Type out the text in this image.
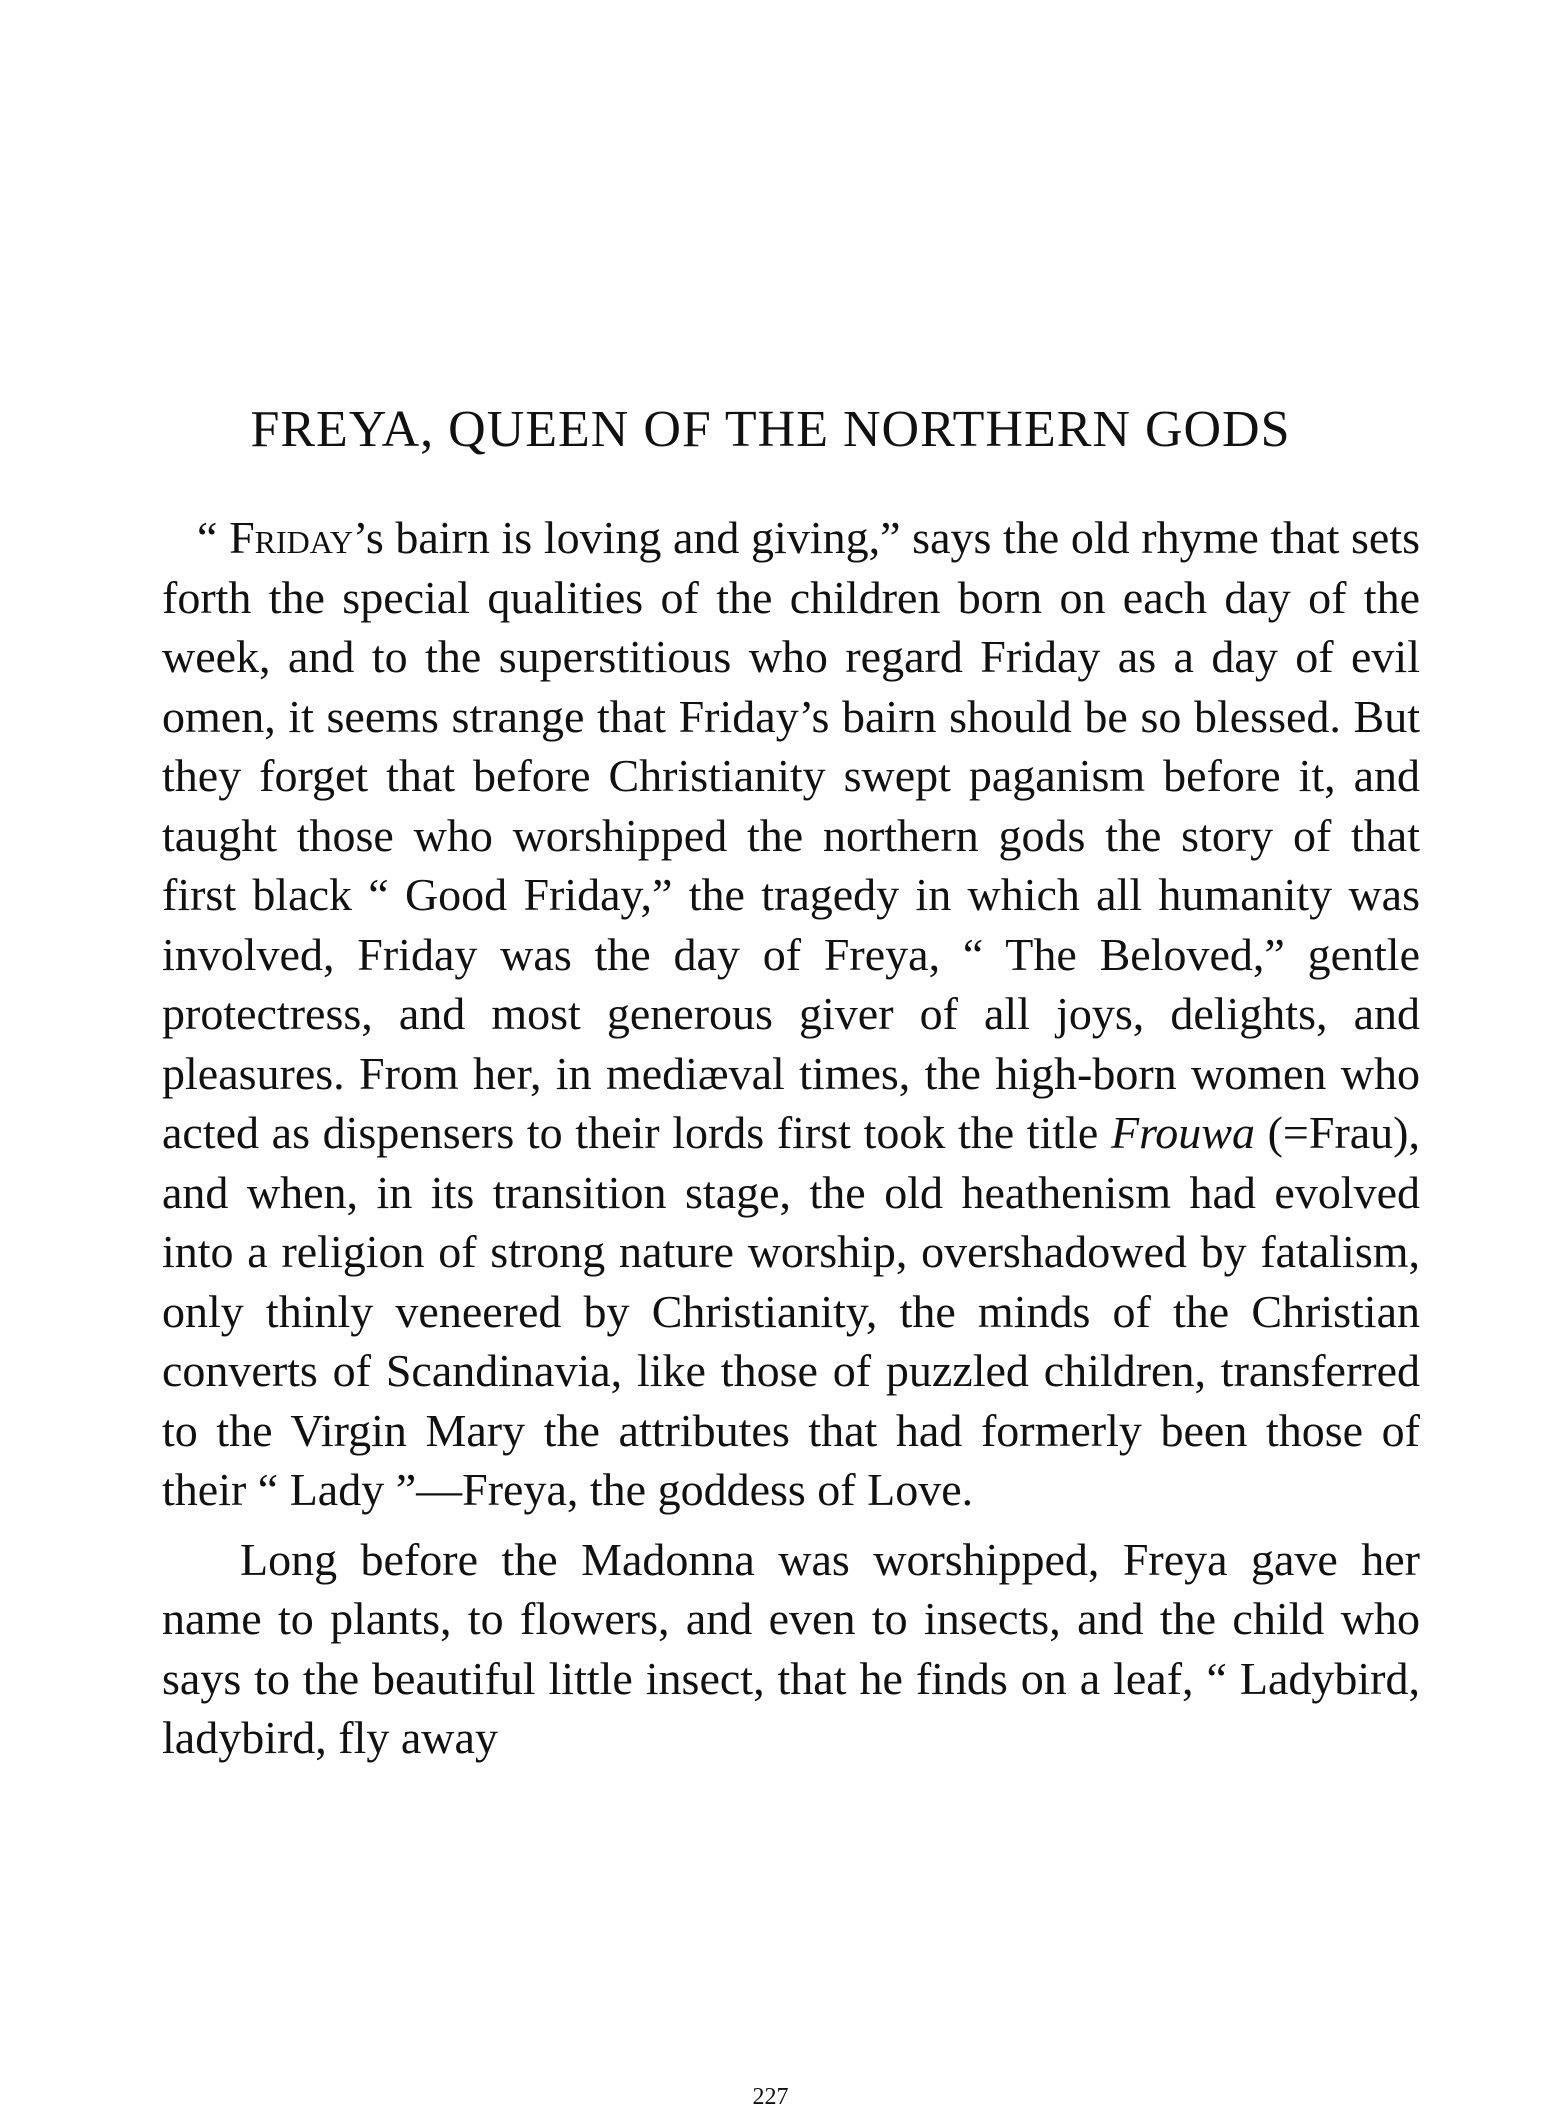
FREYA, QUEEN OF THE NORTHERN GODS

“ Friday’s bairn is loving and giving,” says the old rhyme that sets forth the special qualities of the children born on each day of the week, and to the superstitious who regard Friday as a day of evil omen, it seems strange that Friday’s bairn should be so blessed. But they forget that before Christianity swept paganism before it, and taught those who worshipped the northern gods the story of that first black “ Good Friday,” the tragedy in which all humanity was involved, Friday was the day of Freya, “ The Beloved,” gentle protectress, and most generous giver of all joys, delights, and pleasures. From her, in mediæval times, the high-born women who acted as dispensers to their lords first took the title Frouwa (=Frau), and when, in its transition stage, the old heathenism had evolved into a religion of strong nature worship, overshadowed by fatalism, only thinly veneered by Christianity, the minds of the Christian converts of Scandinavia, like those of puzzled children, transferred to the Virgin Mary the attributes that had formerly been those of their “ Lady ”—Freya, the goddess of Love.

Long before the Madonna was worshipped, Freya gave her name to plants, to flowers, and even to insects, and the child who says to the beautiful little insect, that he finds on a leaf, “ Ladybird, ladybird, fly away

227
